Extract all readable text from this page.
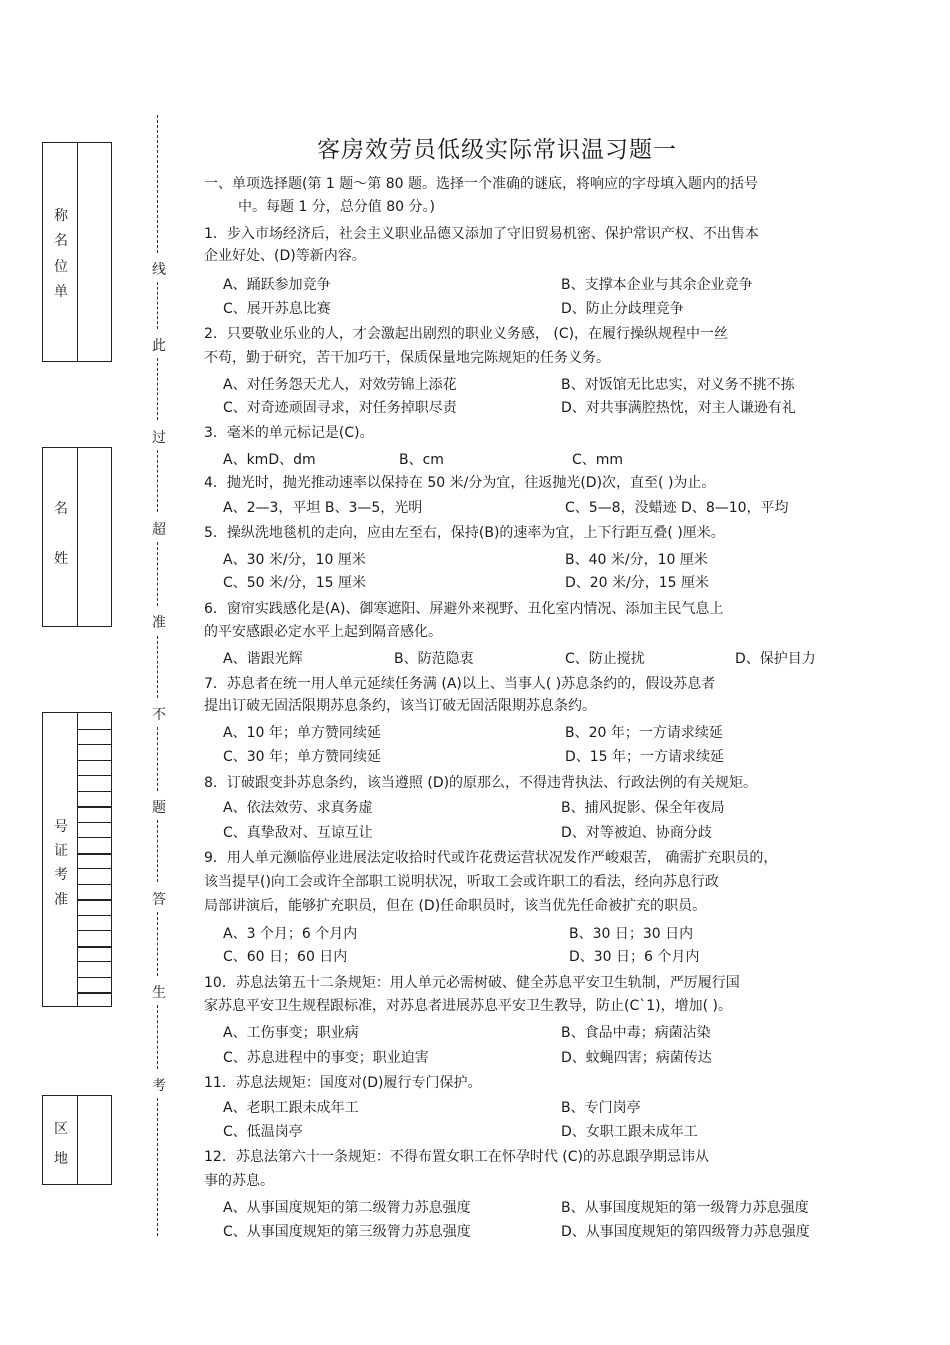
客房效劳员低级实际常识温习题一
称
名
位
单
名
姓
号
证
考
准
区
地
线
此
过
超
准
不
题
答
生
考
一、单项选择题(第 1 题～第 80 题。选择一个准确的谜底，将响应的字母填入题内的括号
中。每题 1 分，总分值 80 分。)
1．步入市场经济后，社会主义职业品德又添加了守旧贸易机密、保护常识产权、不出售本
企业好处、(D)等新内容。
A、踊跃参加竞争	B、支撑本企业与其余企业竞争
C、展开苏息比赛	D、防止分歧理竞争
2．只要敬业乐业的人，才会激起出剧烈的职业义务感， (C)，在履行操纵规程中一丝
不苟，勤于研究，苦干加巧干，保质保量地完陈规矩的任务义务。
A、对任务怨天尤人，对效劳锦上添花	B、对饭馆无比忠实，对义务不挑不拣
C、对奇迹顽固寻求，对任务掉职尽责	D、对共事满腔热忱，对主人谦逊有礼
3．毫米的单元标记是(C)。
A、kmD、dm	B、cm	C、mm
4．抛光时，抛光推动速率以保持在 50 米/分为宜，往返抛光(D)次，直至( )为止。
A、2—3，平坦 B、3—5，光明	C、5—8，没蜡迹 D、8—10，平均
5．操纵洗地毯机的走向，应由左至右，保持(B)的速率为宜，上下行距互叠( )厘米。
A、30 米/分，10 厘米	B、40 米/分，10 厘米
C、50 米/分，15 厘米	D、20 米/分，15 厘米
6．窗帘实践感化是(A)、御寒遮阳、屏避外来视野、丑化室内情况、添加主民气息上
的平安感跟必定水平上起到隔音感化。
A、谐跟光辉	B、防范隐衷	C、防止搅扰	D、保护目力
7．苏息者在统一用人单元延续任务满 (A)以上、当事人( )苏息条约的，假设苏息者
提出订破无固活限期苏息条约，该当订破无固活限期苏息条约。
A、10 年；单方赞同续延	B、20 年；一方请求续延
C、30 年；单方赞同续延	D、15 年；一方请求续延
8．订破跟变卦苏息条约，该当遵照 (D)的原那么，不得违背执法、行政法例的有关规矩。
A、依法效劳、求真务虚	B、捕风捉影、保全年夜局
C、真挚敌对、互谅互让	D、对等被迫、协商分歧
9．用人单元濒临停业进展法定收拾时代或许花费运营状况发作严峻艰苦， 确需扩充职员的，
该当提早()向工会或许全部职工说明状况，听取工会或许职工的看法，经向苏息行政
局部讲演后，能够扩充职员，但在 (D)任命职员时，该当优先任命被扩充的职员。
A、3 个月；6 个月内	B、30 日；30 日内
C、60 日；60 日内	D、30 日；6 个月内
10．苏息法第五十二条规矩：用人单元必需树破、健全苏息平安卫生轨制，严厉履行国
家苏息平安卫生规程跟标准，对苏息者进展苏息平安卫生教导，防止(C`1)，增加( )。
A、工伤事变；职业病	B、食品中毒；病菌沾染
C、苏息进程中的事变；职业迫害	D、蚊蝇四害；病菌传达
11．苏息法规矩：国度对(D)履行专门保护。
A、老职工跟未成年工	B、专门岗亭
C、低温岗亭	D、女职工跟未成年工
12．苏息法第六十一条规矩：不得布置女职工在怀孕时代 (C)的苏息跟孕期忌讳从
事的苏息。
A、从事国度规矩的第二级膂力苏息强度	B、从事国度规矩的第一级膂力苏息强度
C、从事国度规矩的第三级膂力苏息强度	D、从事国度规矩的第四级膂力苏息强度
